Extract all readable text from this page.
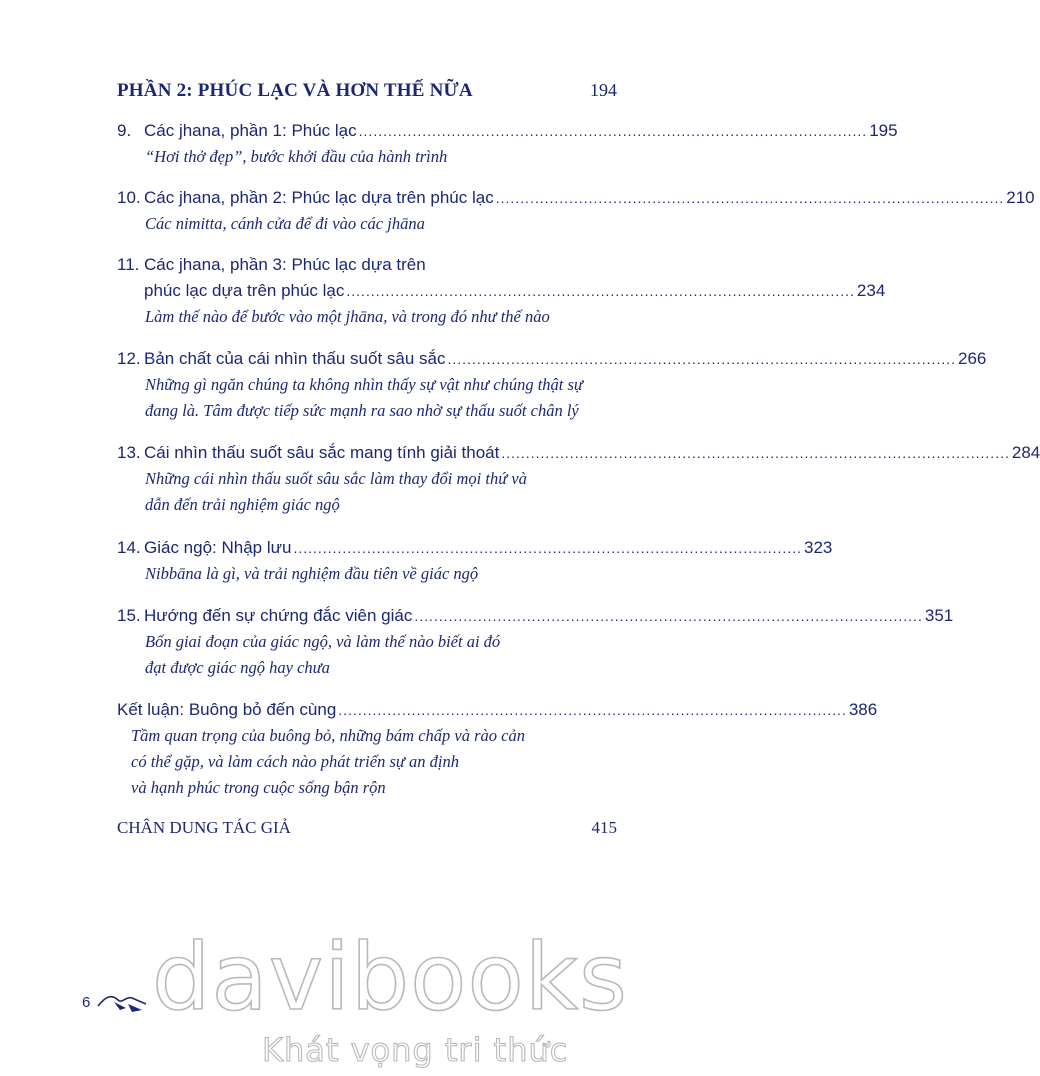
PHẦN 2: PHÚC LẠC VÀ HƠN THẾ NỮA	194
9. Các jhana, phần 1: Phúc lạc ........................................................................................................ 195
“Hơi thở đẹp”, bước khởi đầu của hành trình
10. Các jhana, phần 2: Phúc lạc dựa trên phúc lạc ........................................................................................................ 210
Các nimitta, cánh cửa để đi vào các jhāna
11. Các jhana, phần 3: Phúc lạc dựa trên
phúc lạc dựa trên phúc lạc ........................................................................................................ 234
Làm thế nào để bước vào một jhāna, và trong đó như thế nào
12. Bản chất của cái nhìn thấu suốt sâu sắc ........................................................................................................ 266
Những gì ngăn chúng ta không nhìn thấy sự vật như chúng thật sự
đang là. Tâm được tiếp sức mạnh ra sao nhờ sự thấu suốt chân lý
13. Cái nhìn thấu suốt sâu sắc mang tính giải thoát ........................................................................................................ 284
Những cái nhìn thấu suốt sâu sắc làm thay đổi mọi thứ và
dẫn đến trải nghiệm giác ngộ
14. Giác ngộ: Nhập lưu ........................................................................................................ 323
Nibbāna là gì, và trải nghiệm đầu tiên về giác ngộ
15. Hướng đến sự chứng đắc viên giác ........................................................................................................ 351
Bốn giai đoạn của giác ngộ, và làm thế nào biết ai đó
đạt được giác ngộ hay chưa
Kết luận: Buông bỏ đến cùng ........................................................................................................ 386
Tầm quan trọng của buông bỏ, những bám chấp và rào cản
có thể gặp, và làm cách nào phát triển sự an định
và hạnh phúc trong cuộc sống bận rộn
CHÂN DUNG TÁC GIẢ	415
6 davibooks
Khát vọng tri thức
